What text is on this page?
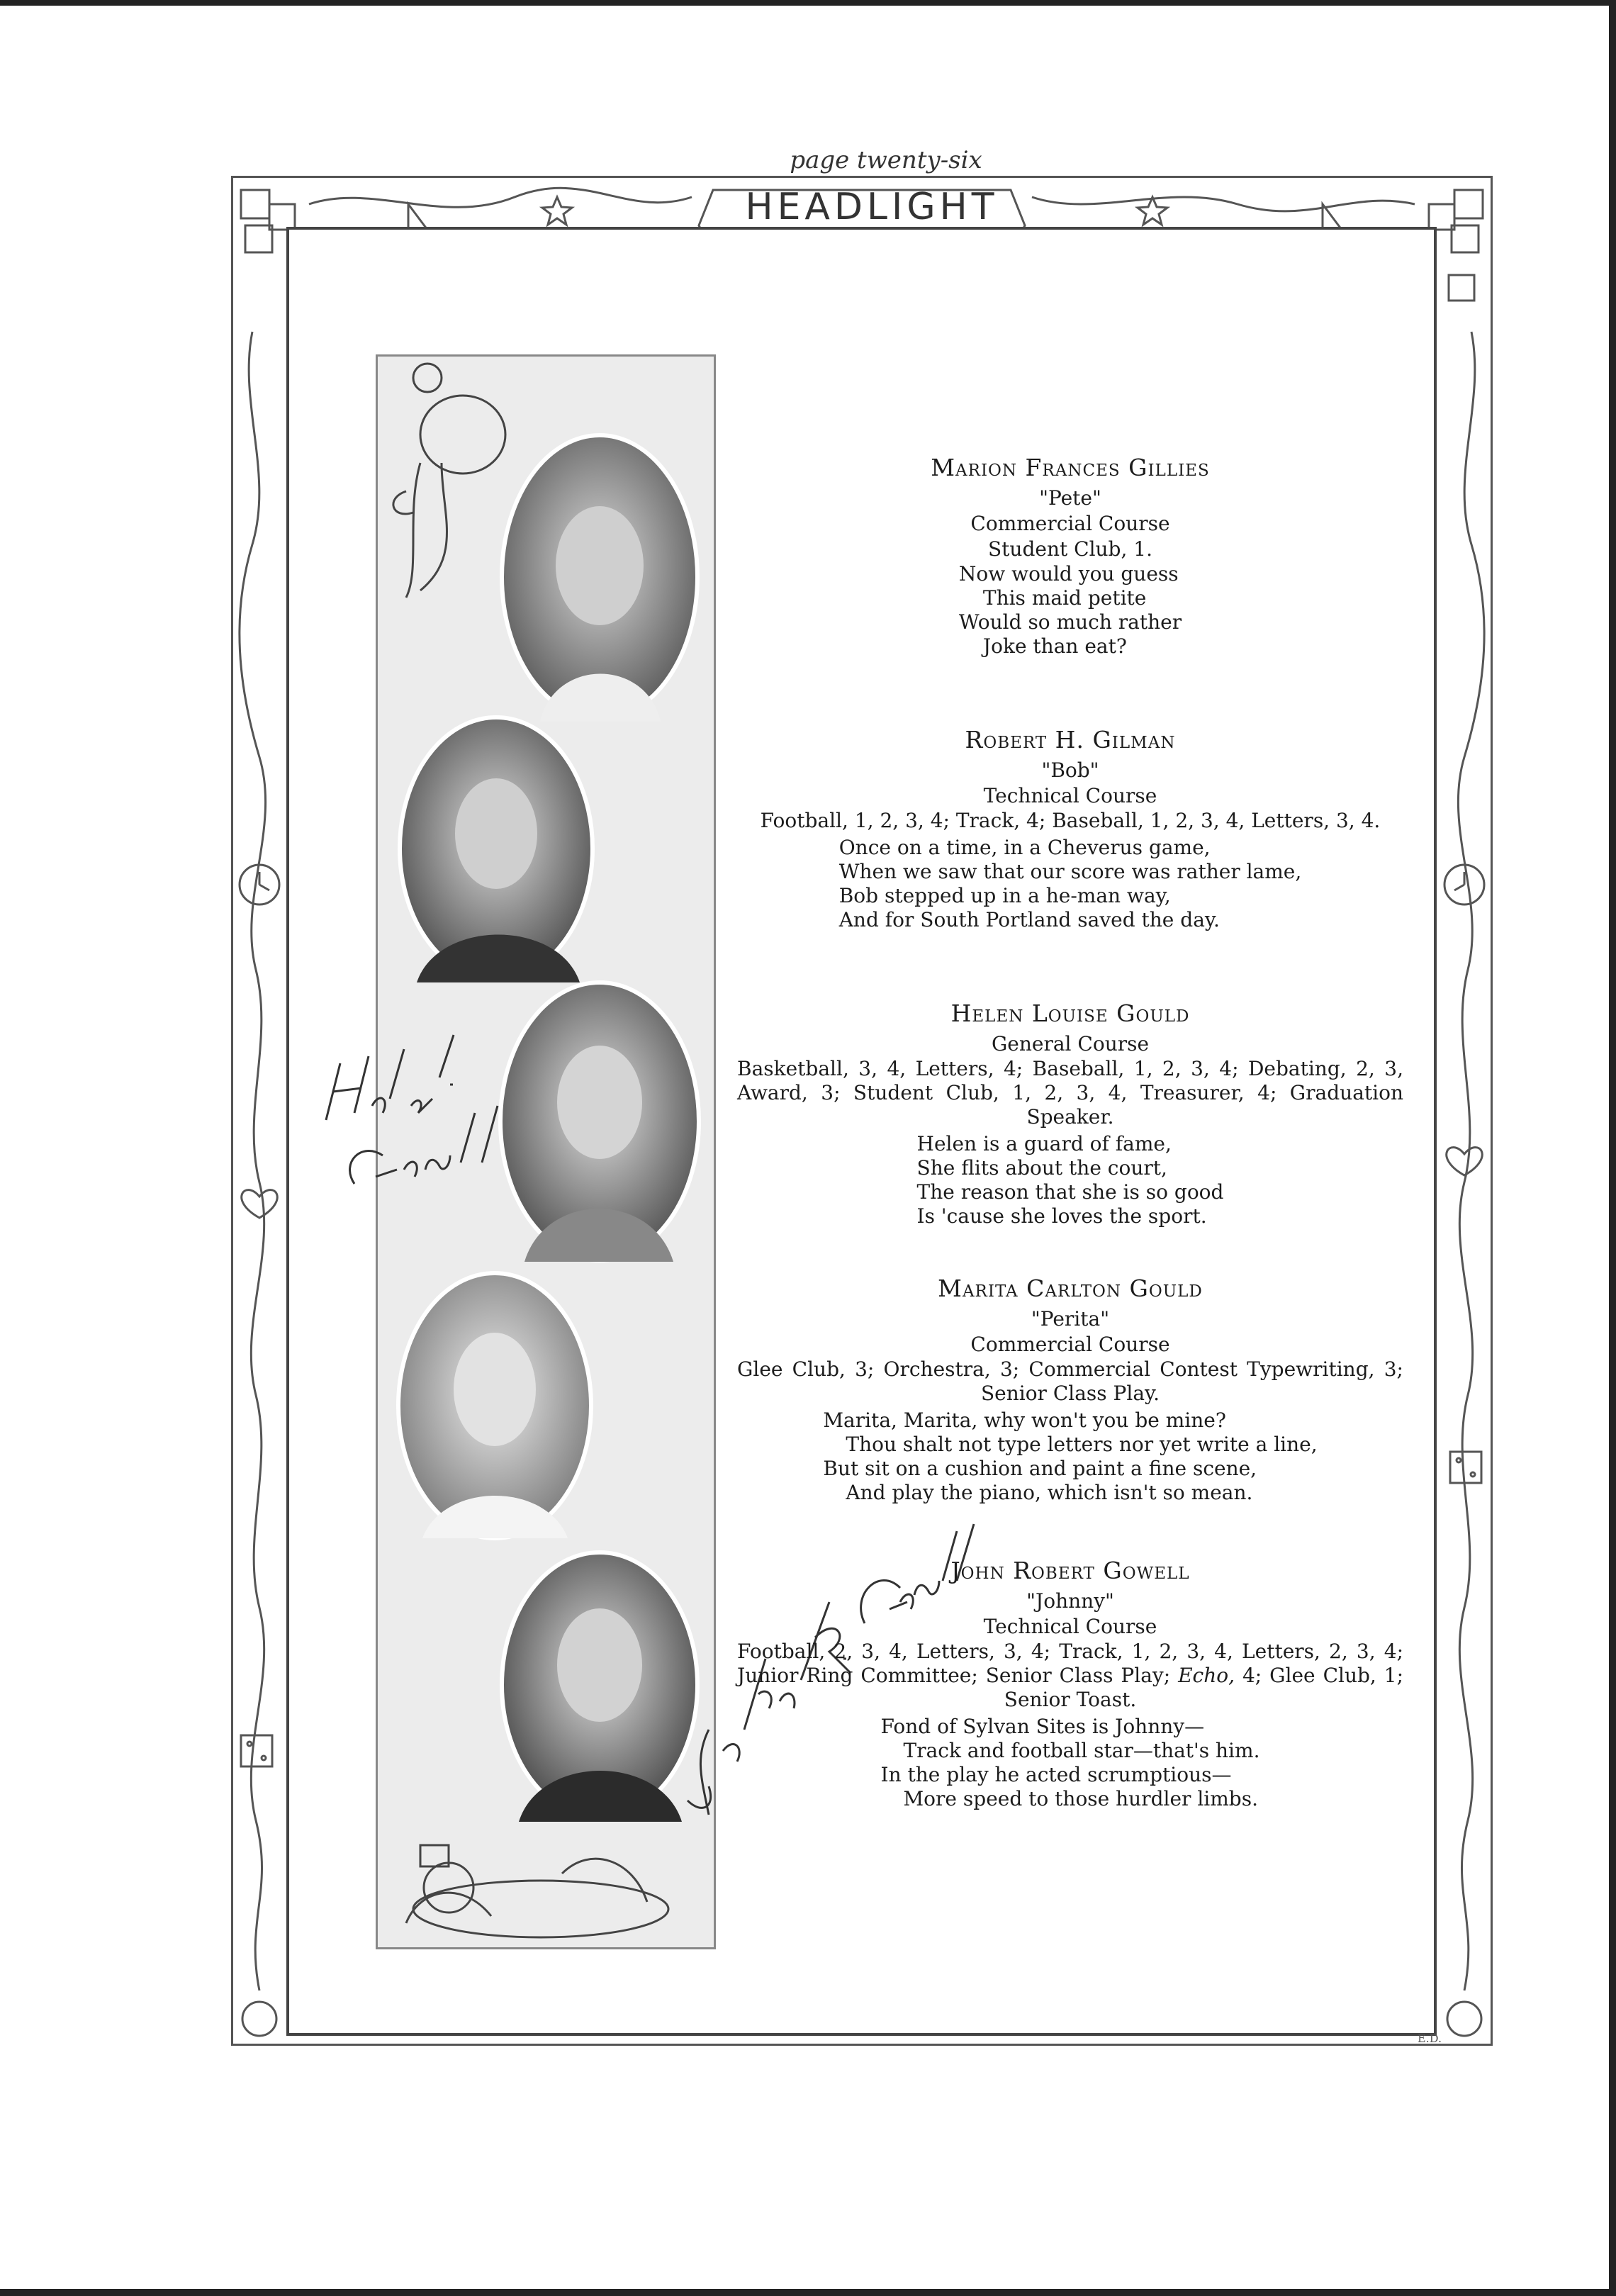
page twenty-six
HEADLIGHT
Marion Frances Gillies
"Pete"
Commercial Course
Student Club, 1.
Now would you guess
This maid petite
Would so much rather
Joke than eat?
Robert H. Gilman
"Bob"
Technical Course
Football, 1, 2, 3, 4; Track, 4; Baseball, 1, 2, 3, 4, Letters, 3, 4.
Once on a time, in a Cheverus game,
When we saw that our score was rather lame,
Bob stepped up in a he-man way,
And for South Portland saved the day.
Helen Louise Gould
General Course
Basketball, 3, 4, Letters, 4; Baseball, 1, 2, 3, 4; Debating, 2, 3, Award, 3; Student Club, 1, 2, 3, 4, Treasurer, 4; Graduation Speaker.
Helen is a guard of fame,
She flits about the court,
The reason that she is so good
Is 'cause she loves the sport.
Marita Carlton Gould
"Perita"
Commercial Course
Glee Club, 3; Orchestra, 3; Commercial Contest Typewriting, 3; Senior Class Play.
Marita, Marita, why won't you be mine?
Thou shalt not type letters nor yet write a line,
But sit on a cushion and paint a fine scene,
And play the piano, which isn't so mean.
John Robert Gowell
"Johnny"
Technical Course
Football, 2, 3, 4, Letters, 3, 4; Track, 1, 2, 3, 4, Letters, 2, 3, 4; Junior Ring Committee; Senior Class Play; Echo, 4; Glee Club, 1; Senior Toast.
Fond of Sylvan Sites is Johnny—
Track and football star—that's him.
In the play he acted scrumptious—
More speed to those hurdler limbs.
E.D.
